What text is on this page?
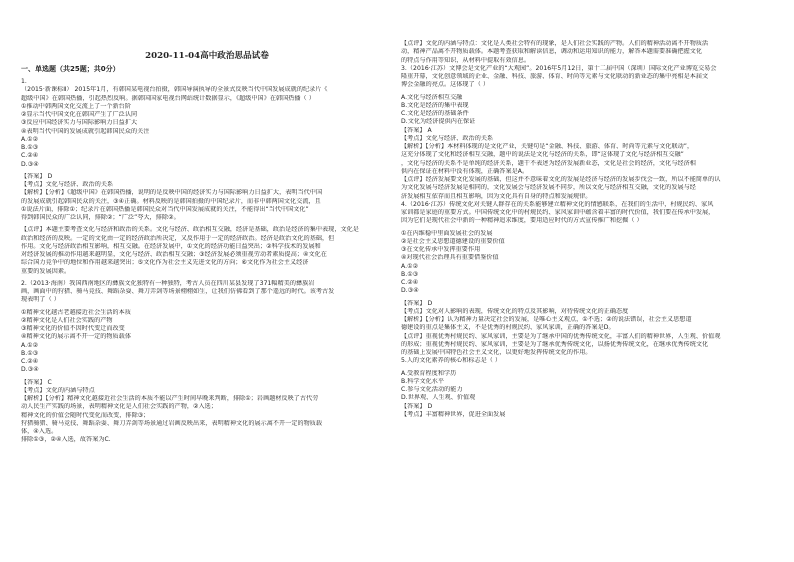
2020-11-04高中政治思品试卷
一、单选题（共25题；共0分）
1.
（2015·新课标Ⅱ） 2015年1月，有韩国某电视台拍摄，韩国导演执导的全景式反映当代中国发展成就的纪录片《
超级中国》在韩国热播，引起热烈反响。据韩国国家电视台网站统计数据显示，《超级中国》在韩国热播（ ）
①推动中韩两国文化交流上了一个新台阶
②显示当代中国文化在韩国产生了广泛认同
③反应中国经济实力与国际影响力日益扩大
④表明当代中国的发展成就引起韩国民众的关注
A.①②
B.①③
C.②④
D.③④
【答案】 D
【考点】文化与经济、政治的关系
【解析】【分析】《超级中国》在韩国热播，说明的是反映中国的经济实力与国际影响力日益扩大，表明当代中国
的发展成就引起韩国民众的关注，③④正确。材料反映的是韩国拍摄的中国纪录片，而非中韩两国文化交流，且
①说法片面，排除①；纪录片在韩国热播是韩国民众对当代中国发展成就的关注，不能得出“当代中国文化”
得到韩国民众的广泛认同，排除②；“广泛”夸大，排除②。
【点评】本题主要考查文化与经济和政治的关系。文化与经济、政治相互交融，经济是基础，政治是经济的集中表现，文化是
政治和经济的反映。一定的文化由一定的经济政治所决定，又反作用于一定的经济政治。经济是政治文化的基础，但
作用。文化与经济政治相互影响，相互交融。在经济发展中，①文化的经济功能日益突出；②科学技术的发展和
对经济发展的推动作用越来越明显，文化与经济、政治相互交融；③经济发展必须重视劳动者素质提高；④文化在
综合国力竞争中的地位和作用越来越突出；⑤文化作为社会主义先进文化的方向；⑥文化作为社会主义经济
重要的发展因素。
2.（2013·海南）我国西南地区的彝族文化独特有一种独特，考古人员在四川某县发现了371幅精美的彝族岩
画，画面中的狩猎、骑马竞技、舞蹈杂耍、舞刀弄剑等场景栩栩如生，让我们仿佛看到了那个遥远的时代。该考古发
现表明了（ ）
①精神文化越古老越接近社会生活的本质
②精神文化是人们社会实践的产物
③精神文化的价值不因时代变迁而改变
④精神文化的展示离不开一定的物质载体
A.①②
B.①③
C.②④
D.③④
【答案】 C
【考点】文化的内涵与特点
【解析】【分析】精神文化越接近社会生活的本质不能以产生时间早晚来判断，排除①；岩画题材反映了古代劳
动人民生产实践的场景，表明精神文化是人们社会实践的产物，②入选；
精神文化的价值会随时代变化而改变，排除③；
狩猎骑猎、骑马竞技、舞蹈杂耍、舞刀弄剑等场景通过岩画反映出来，表明精神文化的展示离不开一定的物质载
体，④入选。
排除①③，②④入选，故答案为C.
【点评】文化的内涵与特点：文化是人类社会特有的现象，是人们社会实践的产物。人们的精神活动离不开物质活
动，精神产品离不开物质载体。本题考查获取和解读信息，调动和运用知识的能力，解答本题需要准确把握文化
的特点与作用等知识，从材料中提取有效信息。
3.（2016·江苏）文博会是文化产业的“大观园”。2016年5月12日，第十二届中国（深圳）国际文化产业博览交易会
隆重开幕，文化创意领域的企业、金融、科技、旅游、体育、时尚等元素与文化联动的新业态的集中亮相是本届文
博会金融的亮点。这体现了（ ）
A.文化与经济相互交融
B.文化是经济的集中表现
C.文化是经济的基础条件
D.文化为经济提供内在保证
【答案】 A
【考点】文化与经济、政治的关系
【解析】【分析】本材料体现的是文化产业，关键句是“金融、科技、旅游、体育、时尚等元素与文化联动”，
这充分体现了文化和经济相互交融，题中的说法是文化与经济的关系，即“这体现了文化与经济相互交融”
，文化与经济的关系不是单纯的经济关系，题干不表述为经济发展新业态，文化是社会的经济，文化与经济相
供内在保证在材料中没有体现，正确答案是A。
【点评】经济发展要文化发展的基础，但这并不意味着文化的发展是经济与经济的发展步伐会一致，所以不能简单的认
为文化发展与经济发展是相同的，文化发展会与经济发展不同步，所以文化与经济相互交融，文化的发展与经
济发展相互依存而且相互影响，因为文化具有自身的特点和发展规律。
4.（2016·江苏）传统文化对关键人群存在的关系能够建立精神文化的情感联系，在我们的生活中，村规民约、家风
家训都是家庭的重要方式。中国传统文化中的村规民约、家风家训中蕴含着丰富的时代价值，我们要在传承中发展，
因为它们是现代社会中新的一种精神追求维度，要用适应时代的方式宣传推广和挖掘（ ）
①在内维稳中里面发展社会的发展
②是社会主义思想道德建设的重要价值
③在文化传承中发挥重要作用
④对现代社会治理具有重要借鉴价值
A.①②
B.①③
C.②④
D.③④
【答案】 D
【考点】文化对人影响的表现，传统文化的特点及其影响，对待传统文化的正确态度
【解析】【分析】认为精神力量决定社会的发展，是唯心主义观点，①不选；②的说法错误，社会主义思想道
德建设的重点是集体主义，不是优秀的村规民约、家风家训，正确的答案是D。
【点评】重视优秀村规民约、家风家训，主要是为了继承中国的优秀传统文化，丰富人们的精神世界，人生观、价值观
的形成；重视优秀村规民约、家风家训，主要是为了继承优秀传统文化，以扬优秀传统文化，在继承优秀传统文化
的基础上发展中国特色社会主义文化，以更好地发挥传统文化的作用。
5.人的文化素养的核心和标志是（ ）
A.受教育程度和学历
B.科学文化水平
C.参与文化活动的能力
D.世界观、人生观、价值观
【答案】 D
【考点】丰富精神世界，促进全面发展
